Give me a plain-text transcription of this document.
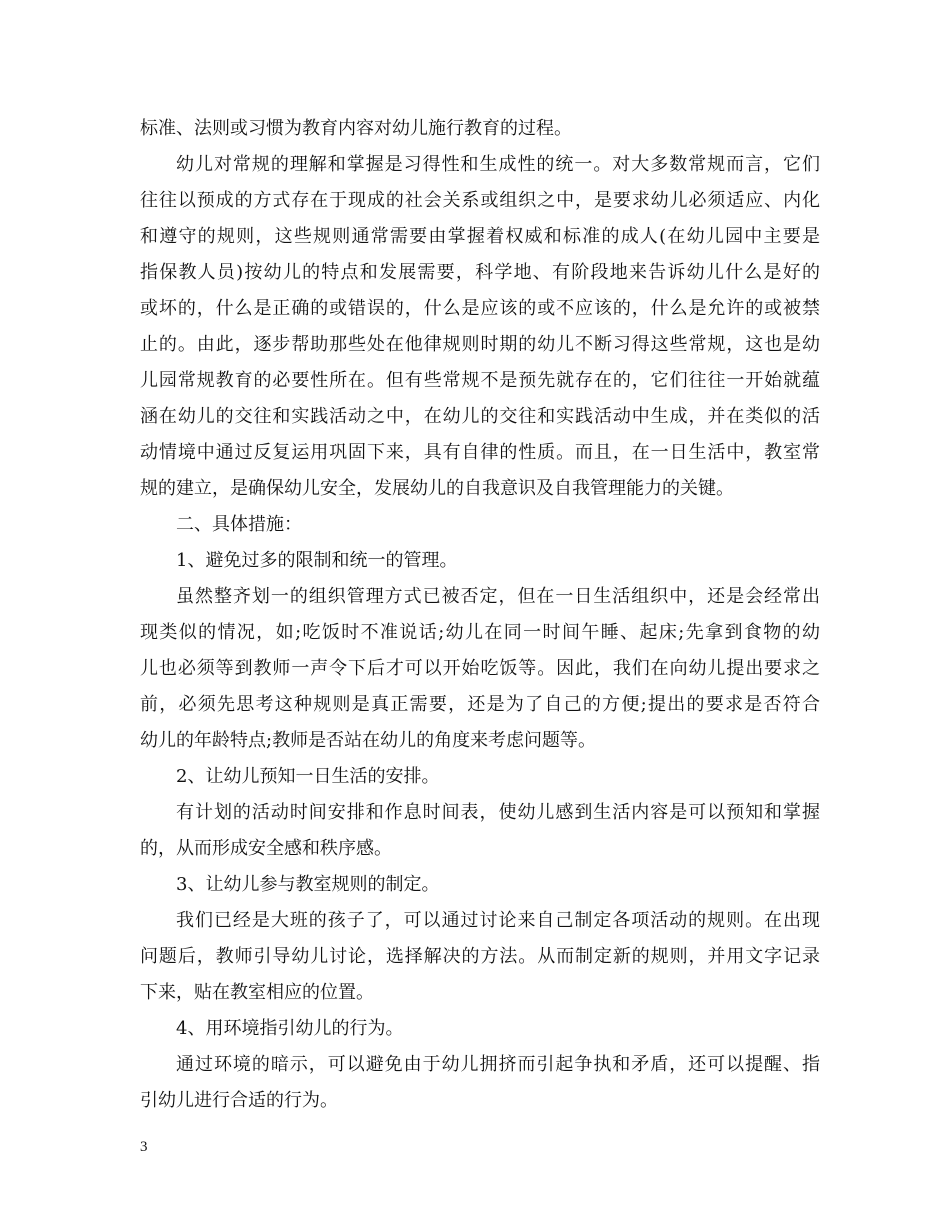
标准、法则或习惯为教育内容对幼儿施行教育的过程。
幼儿对常规的理解和掌握是习得性和生成性的统一。对大多数常规而言，它们
往往以预成的方式存在于现成的社会关系或组织之中，是要求幼儿必须适应、内化
和遵守的规则，这些规则通常需要由掌握着权威和标准的成人(在幼儿园中主要是
指保教人员)按幼儿的特点和发展需要，科学地、有阶段地来告诉幼儿什么是好的
或坏的，什么是正确的或错误的，什么是应该的或不应该的，什么是允许的或被禁
止的。由此，逐步帮助那些处在他律规则时期的幼儿不断习得这些常规，这也是幼
儿园常规教育的必要性所在。但有些常规不是预先就存在的，它们往往一开始就蕴
涵在幼儿的交往和实践活动之中，在幼儿的交往和实践活动中生成，并在类似的活
动情境中通过反复运用巩固下来，具有自律的性质。而且，在一日生活中，教室常
规的建立，是确保幼儿安全，发展幼儿的自我意识及自我管理能力的关键。
二、具体措施：
1、避免过多的限制和统一的管理。
虽然整齐划一的组织管理方式已被否定，但在一日生活组织中，还是会经常出
现类似的情况，如;吃饭时不准说话;幼儿在同一时间午睡、起床;先拿到食物的幼
儿也必须等到教师一声令下后才可以开始吃饭等。因此，我们在向幼儿提出要求之
前，必须先思考这种规则是真正需要，还是为了自己的方便;提出的要求是否符合
幼儿的年龄特点;教师是否站在幼儿的角度来考虑问题等。
2、让幼儿预知一日生活的安排。
有计划的活动时间安排和作息时间表，使幼儿感到生活内容是可以预知和掌握
的，从而形成安全感和秩序感。
3、让幼儿参与教室规则的制定。
我们已经是大班的孩子了，可以通过讨论来自己制定各项活动的规则。在出现
问题后，教师引导幼儿讨论，选择解决的方法。从而制定新的规则，并用文字记录
下来，贴在教室相应的位置。
4、用环境指引幼儿的行为。
通过环境的暗示，可以避免由于幼儿拥挤而引起争执和矛盾，还可以提醒、指
引幼儿进行合适的行为。
3
